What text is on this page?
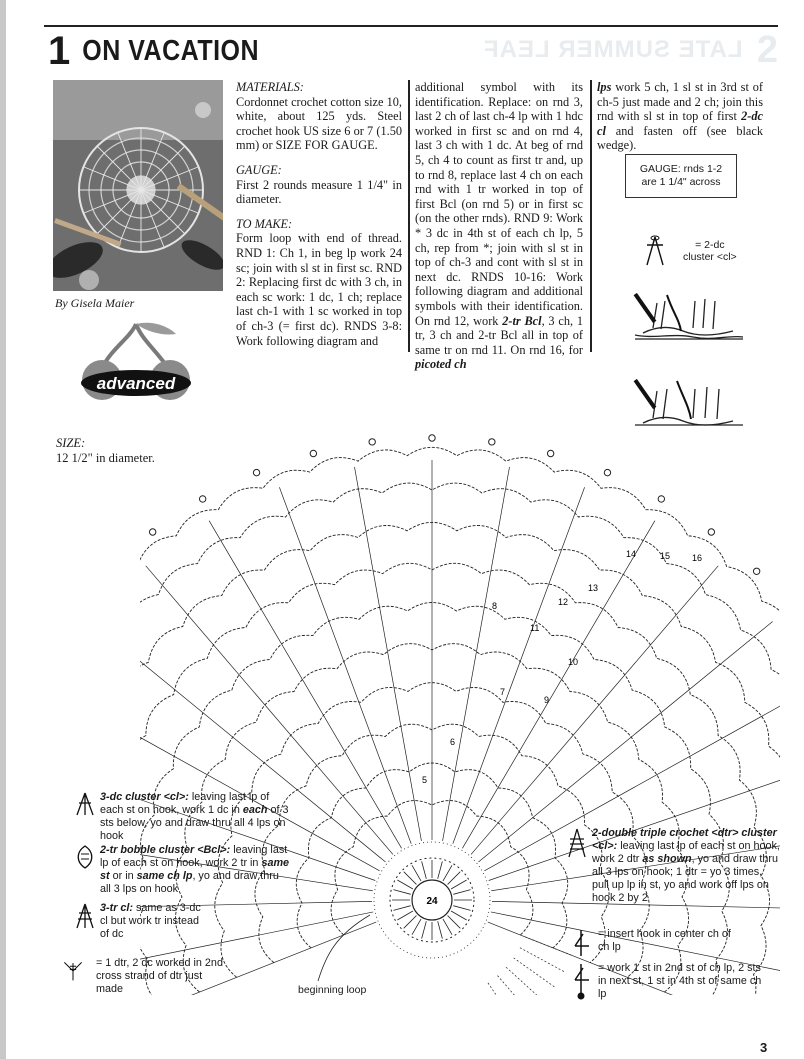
1 ON VACATION	LATE SUMMER LEAF 2
By Gisela Maier
advanced
SIZE:
12 1/2" in diameter.
MATERIALS:
Cordonnet crochet cotton size 10, white, about 125 yds. Steel crochet hook US size 6 or 7 (1.50 mm) or SIZE FOR GAUGE.
GAUGE:
First 2 rounds measure 1 1/4" in diameter.
TO MAKE:
Form loop with end of thread. RND 1: Ch 1, in beg lp work 24 sc; join with sl st in first sc. RND 2: Replacing first dc with 3 ch, in each sc work: 1 dc, 1 ch; replace last ch-1 with 1 sc worked in top of ch-3 (= first dc). RNDS 3-8: Work following diagram and
additional symbol with its identification. Replace: on rnd 3, last 2 ch of last ch-4 lp with 1 hdc worked in first sc and on rnd 4, last 3 ch with 1 dc. At beg of rnd 5, ch 4 to count as first tr and, up to rnd 8, replace last 4 ch on each rnd with 1 tr worked in top of first Bcl (on rnd 5) or in first sc (on the other rnds). RND 9: Work * 3 dc in 4th st of each ch lp, 5 ch, rep from *; join with sl st in top of ch-3 and cont with sl st in next dc. RNDS 10-16: Work following diagram and additional symbols with their identification. On rnd 12, work 2-tr Bcl, 3 ch, 1 tr, 3 ch and 2-tr Bcl all in top of same tr on rnd 11. On rnd 16, for picoted ch
lps work 5 ch, 1 sl st in 3rd st of ch-5 just made and 2 ch; join this rnd with sl st in top of first 2-dc cl and fasten off (see black wedge).
GAUGE: rnds 1-2
are 1 1/4" across
= 2-dc
cluster <cl>
24
5
6
7
8
9
10
11
12
13
14	15 16
3-dc cluster <cl>: leaving last lp of each st on hook, work 1 dc in each of 3 sts below, yo and draw thru all 4 lps on hook
2-tr bobble cluster <Bcl>: leaving last lp of each st on hook, work 2 tr in same st or in same ch lp, yo and draw thru all 3 lps on hook
3-tr cl: same as 3-dc cl but work tr instead of dc
= 1 dtr, 2 dc worked in 2nd cross strand of dtr just made
2-double triple crochet <dtr> cluster <cl>: leaving last lp of each st on hook, work 2 dtr as shown, yo and draw thru all 3 lps on hook; 1 dtr = yo 3 times, pull up lp in st, yo and work off lps on hook 2 by 2
= insert hook in center ch of ch lp
= work 1 st in 2nd st of ch lp, 2 sts in next st, 1 st in 4th st of same ch lp
beginning loop
3
